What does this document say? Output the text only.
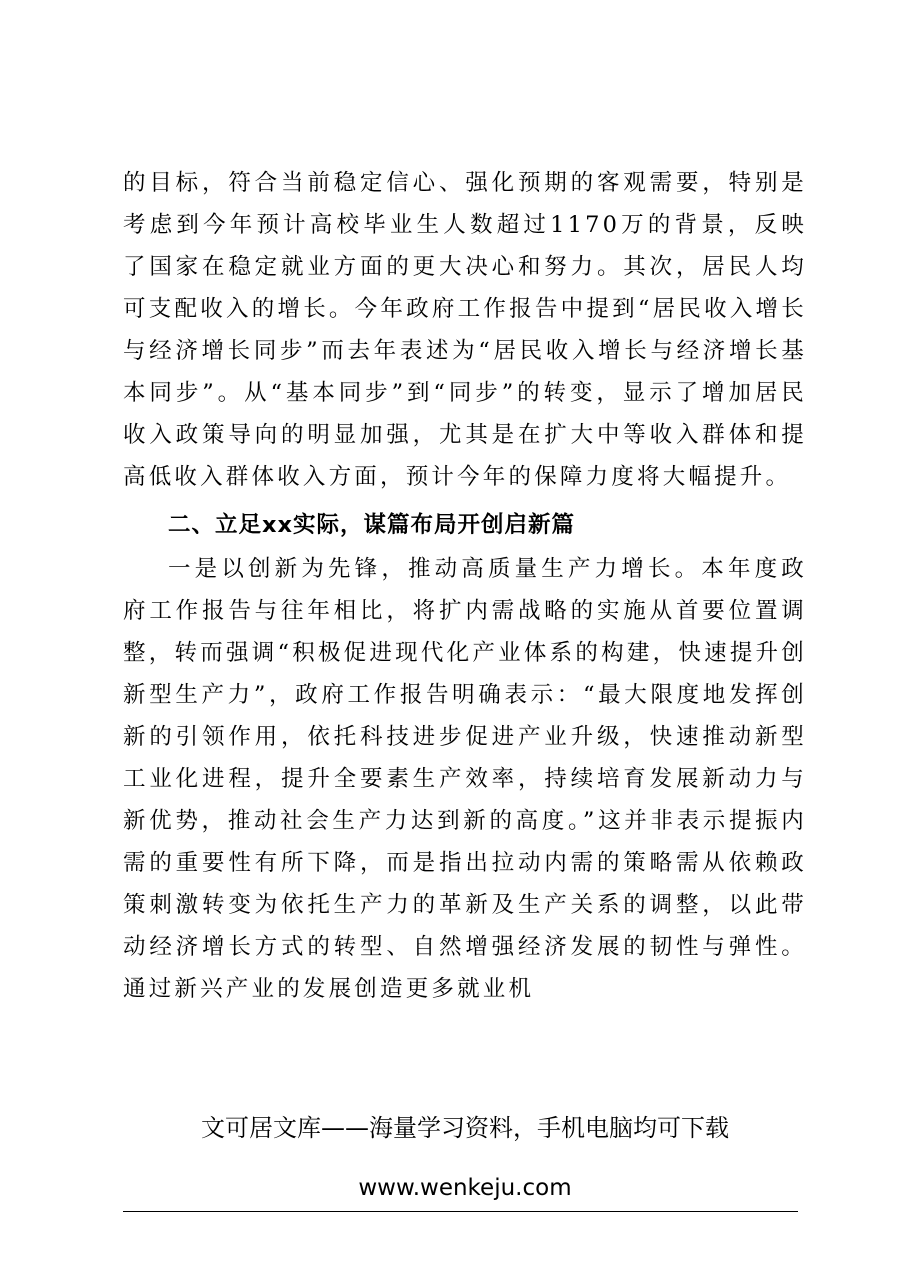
的目标，符合当前稳定信心、强化预期的客观需要，特别是考虑到今年预计高校毕业生人数超过1170万的背景，反映了国家在稳定就业方面的更大决心和努力。其次，居民人均可支配收入的增长。今年政府工作报告中提到“居民收入增长与经济增长同步”而去年表述为“居民收入增长与经济增长基本同步”。从“基本同步”到“同步”的转变，显示了增加居民收入政策导向的明显加强，尤其是在扩大中等收入群体和提高低收入群体收入方面，预计今年的保障力度将大幅提升。

二、立足xx实际，谋篇布局开创启新篇

一是以创新为先锋，推动高质量生产力增长。本年度政府工作报告与往年相比，将扩内需战略的实施从首要位置调整，转而强调“积极促进现代化产业体系的构建，快速提升创新型生产力”，政府工作报告明确表示：“最大限度地发挥创新的引领作用，依托科技进步促进产业升级，快速推动新型工业化进程，提升全要素生产效率，持续培育发展新动力与新优势，推动社会生产力达到新的高度。”这并非表示提振内需的重要性有所下降，而是指出拉动内需的策略需从依赖政策刺激转变为依托生产力的革新及生产关系的调整，以此带动经济增长方式的转型、自然增强经济发展的韧性与弹性。通过新兴产业的发展创造更多就业机

文可居文库——海量学习资料，手机电脑均可下载
www.wenkeju.com
